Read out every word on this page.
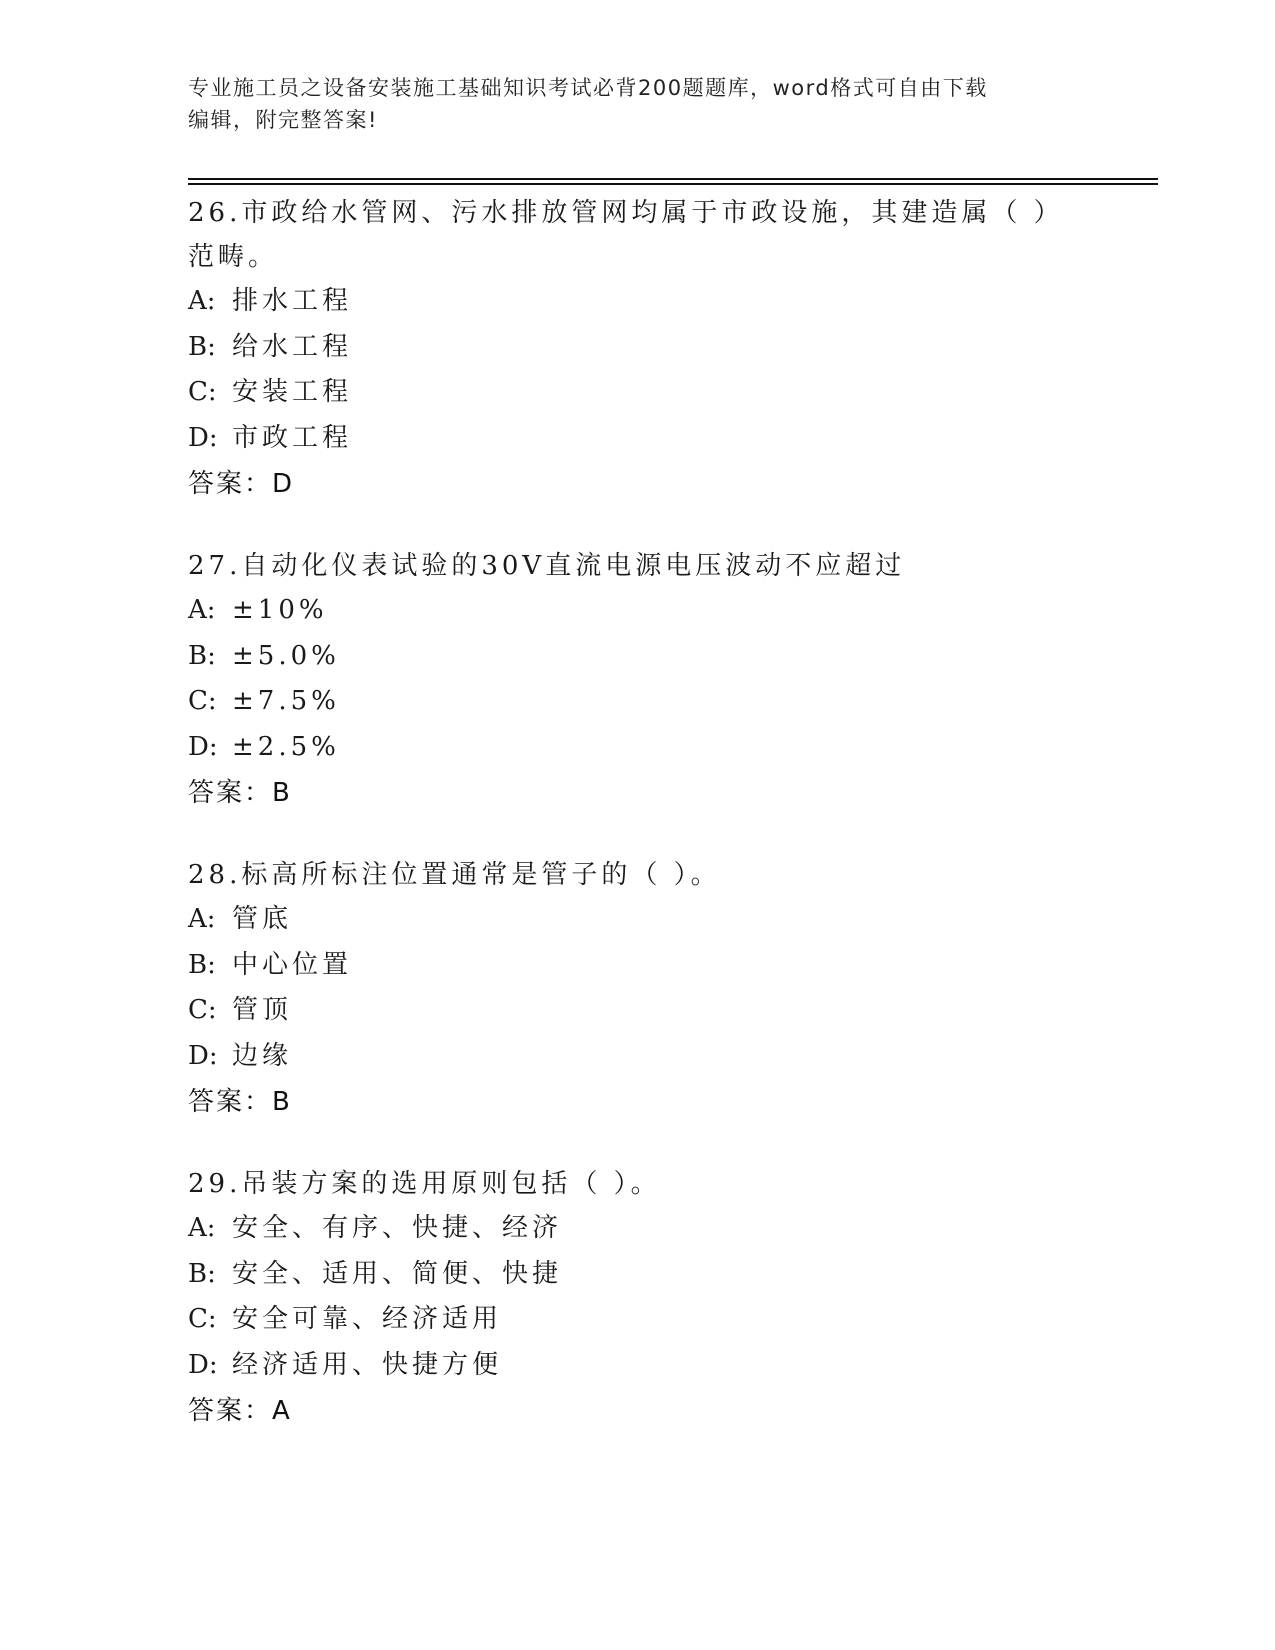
专业施工员之设备安装施工基础知识考试必背200题题库，word格式可自由下载
编辑，附完整答案!

26.市政给水管网、污水排放管网均属于市政设施，其建造属（ ）范畴。

A: 排水工程
B: 给水工程
C: 安装工程
D: 市政工程
答案：D

27.自动化仪表试验的30V直流电源电压波动不应超过

A: ±10%
B: ±5.0%
C: ±7.5%
D: ±2.5%
答案：B

28.标高所标注位置通常是管子的（ ）。

A: 管底
B: 中心位置
C: 管顶
D: 边缘
答案：B

29.吊装方案的选用原则包括（ ）。

A: 安全、有序、快捷、经济
B: 安全、适用、简便、快捷
C: 安全可靠、经济适用
D: 经济适用、快捷方便
答案：A
